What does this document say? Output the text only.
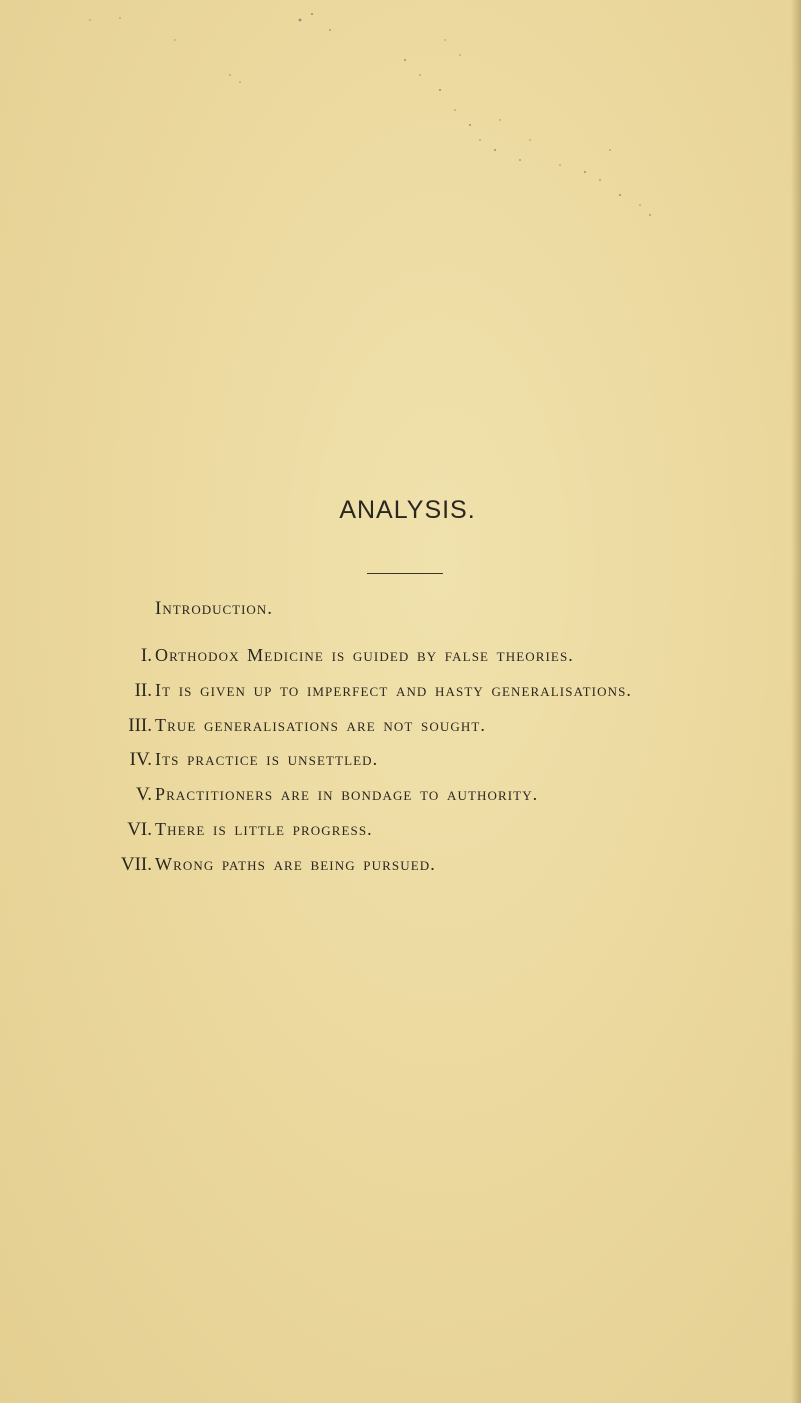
ANALYSIS.
Introduction.
I. Orthodox Medicine is guided by false theories.
II. It is given up to imperfect and hasty generalisations.
III. True generalisations are not sought.
IV. Its practice is unsettled.
V. Practitioners are in bondage to authority.
VI. There is little progress.
VII. Wrong paths are being pursued.
